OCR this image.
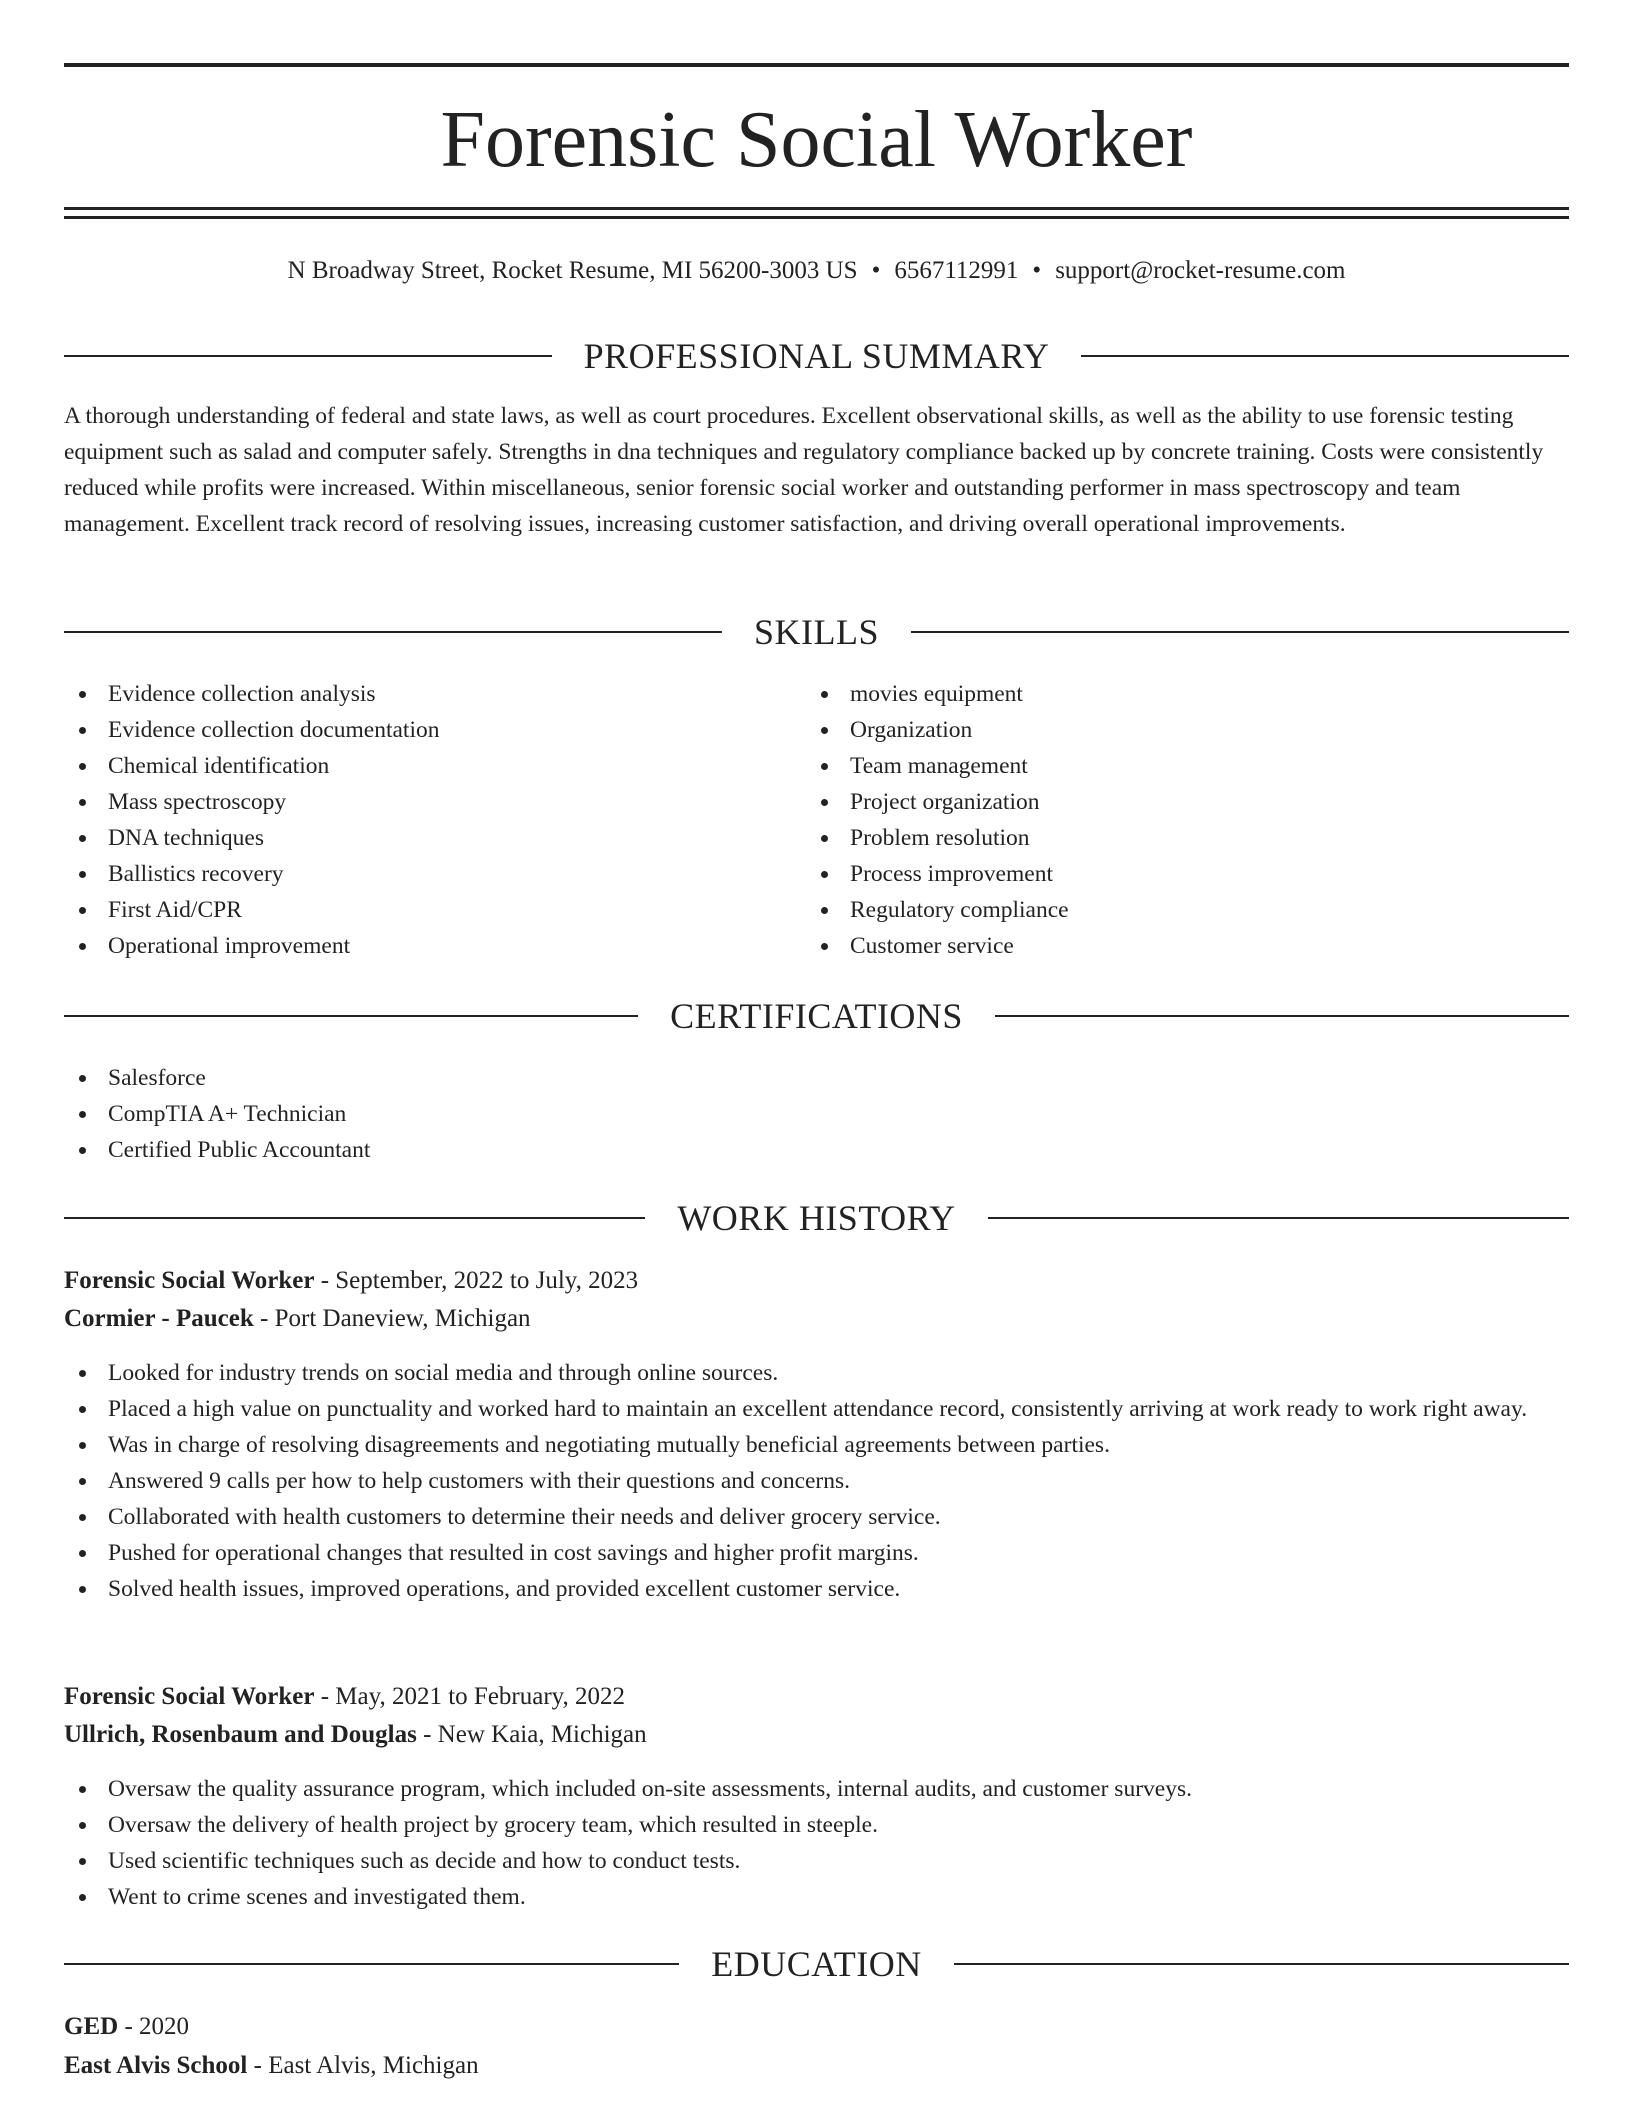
Forensic Social Worker
N Broadway Street, Rocket Resume, MI 56200-3003 US • 6567112991 • support@rocket-resume.com
PROFESSIONAL SUMMARY

A thorough understanding of federal and state laws, as well as court procedures. Excellent observational skills, as well as the ability to use forensic testing equipment such as salad and computer safely. Strengths in dna techniques and regulatory compliance backed up by concrete training. Costs were consistently reduced while profits were increased. Within miscellaneous, senior forensic social worker and outstanding performer in mass spectroscopy and team management. Excellent track record of resolving issues, increasing customer satisfaction, and driving overall operational improvements.

SKILLS
Evidence collection analysis
Evidence collection documentation
Chemical identification
Mass spectroscopy
DNA techniques
Ballistics recovery
First Aid/CPR
Operational improvement
movies equipment
Organization
Team management
Project organization
Problem resolution
Process improvement
Regulatory compliance
Customer service
CERTIFICATIONS
Salesforce
CompTIA A+ Technician
Certified Public Accountant
WORK HISTORY
Forensic Social Worker - September, 2022 to July, 2023
Cormier - Paucek - Port Daneview, Michigan
Looked for industry trends on social media and through online sources.
Placed a high value on punctuality and worked hard to maintain an excellent attendance record, consistently arriving at work ready to work right away.
Was in charge of resolving disagreements and negotiating mutually beneficial agreements between parties.
Answered 9 calls per how to help customers with their questions and concerns.
Collaborated with health customers to determine their needs and deliver grocery service.
Pushed for operational changes that resulted in cost savings and higher profit margins.
Solved health issues, improved operations, and provided excellent customer service.
Forensic Social Worker - May, 2021 to February, 2022
Ullrich, Rosenbaum and Douglas - New Kaia, Michigan
Oversaw the quality assurance program, which included on-site assessments, internal audits, and customer surveys.
Oversaw the delivery of health project by grocery team, which resulted in steeple.
Used scientific techniques such as decide and how to conduct tests.
Went to crime scenes and investigated them.
EDUCATION
GED - 2020
East Alvis School - East Alvis, Michigan
